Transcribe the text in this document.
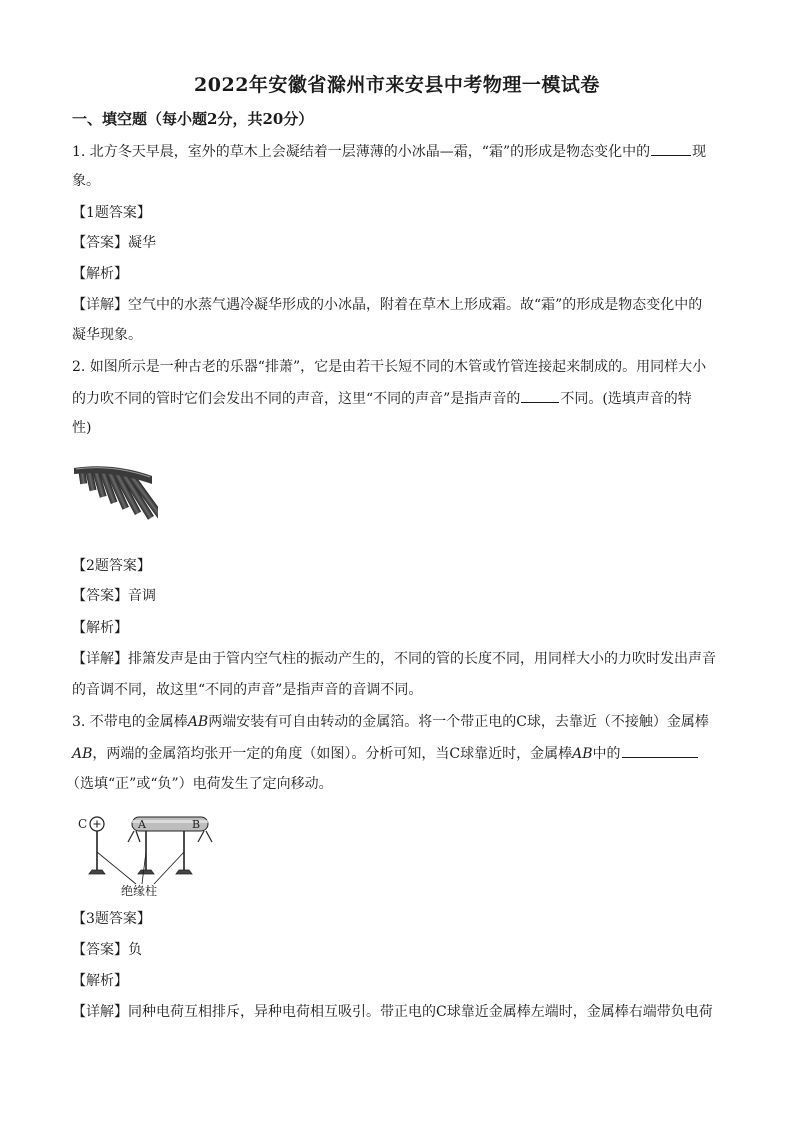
2022年安徽省滁州市来安县中考物理一模试卷
一、填空题（每小题2分，共20分）
1. 北方冬天早晨，室外的草木上会凝结着一层薄薄的小冰晶—霜，“霜”的形成是物态变化中的	现
象。
【1题答案】
【答案】凝华
【解析】
【详解】空气中的水蒸气遇冷凝华形成的小冰晶，附着在草木上形成霜。故“霜”的形成是物态变化中的
凝华现象。
2. 如图所示是一种古老的乐器“排萧”，它是由若干长短不同的木管或竹管连接起来制成的。用同样大小
的力吹不同的管时它们会发出不同的声音，这里“不同的声音”是指声音的	不同。(选填声音的特
性)
【2题答案】
【答案】音调
【解析】
【详解】排箫发声是由于管内空气柱的振动产生的，不同的管的长度不同，用同样大小的力吹时发出声音
的音调不同，故这里“不同的声音”是指声音的音调不同。
3. 不带电的金属棒AB两端安装有可自由转动的金属箔。将一个带正电的C球，去靠近（不接触）金属棒
AB，两端的金属箔均张开一定的角度（如图）。分析可知，当C球靠近时，金属棒AB中的
（选填“正”或“负”）电荷发生了定向移动。
C	A	B
绝缘柱
【3题答案】
【答案】负
【解析】
【详解】同种电荷互相排斥，异种电荷相互吸引。带正电的C球靠近金属棒左端时，金属棒右端带负电荷
